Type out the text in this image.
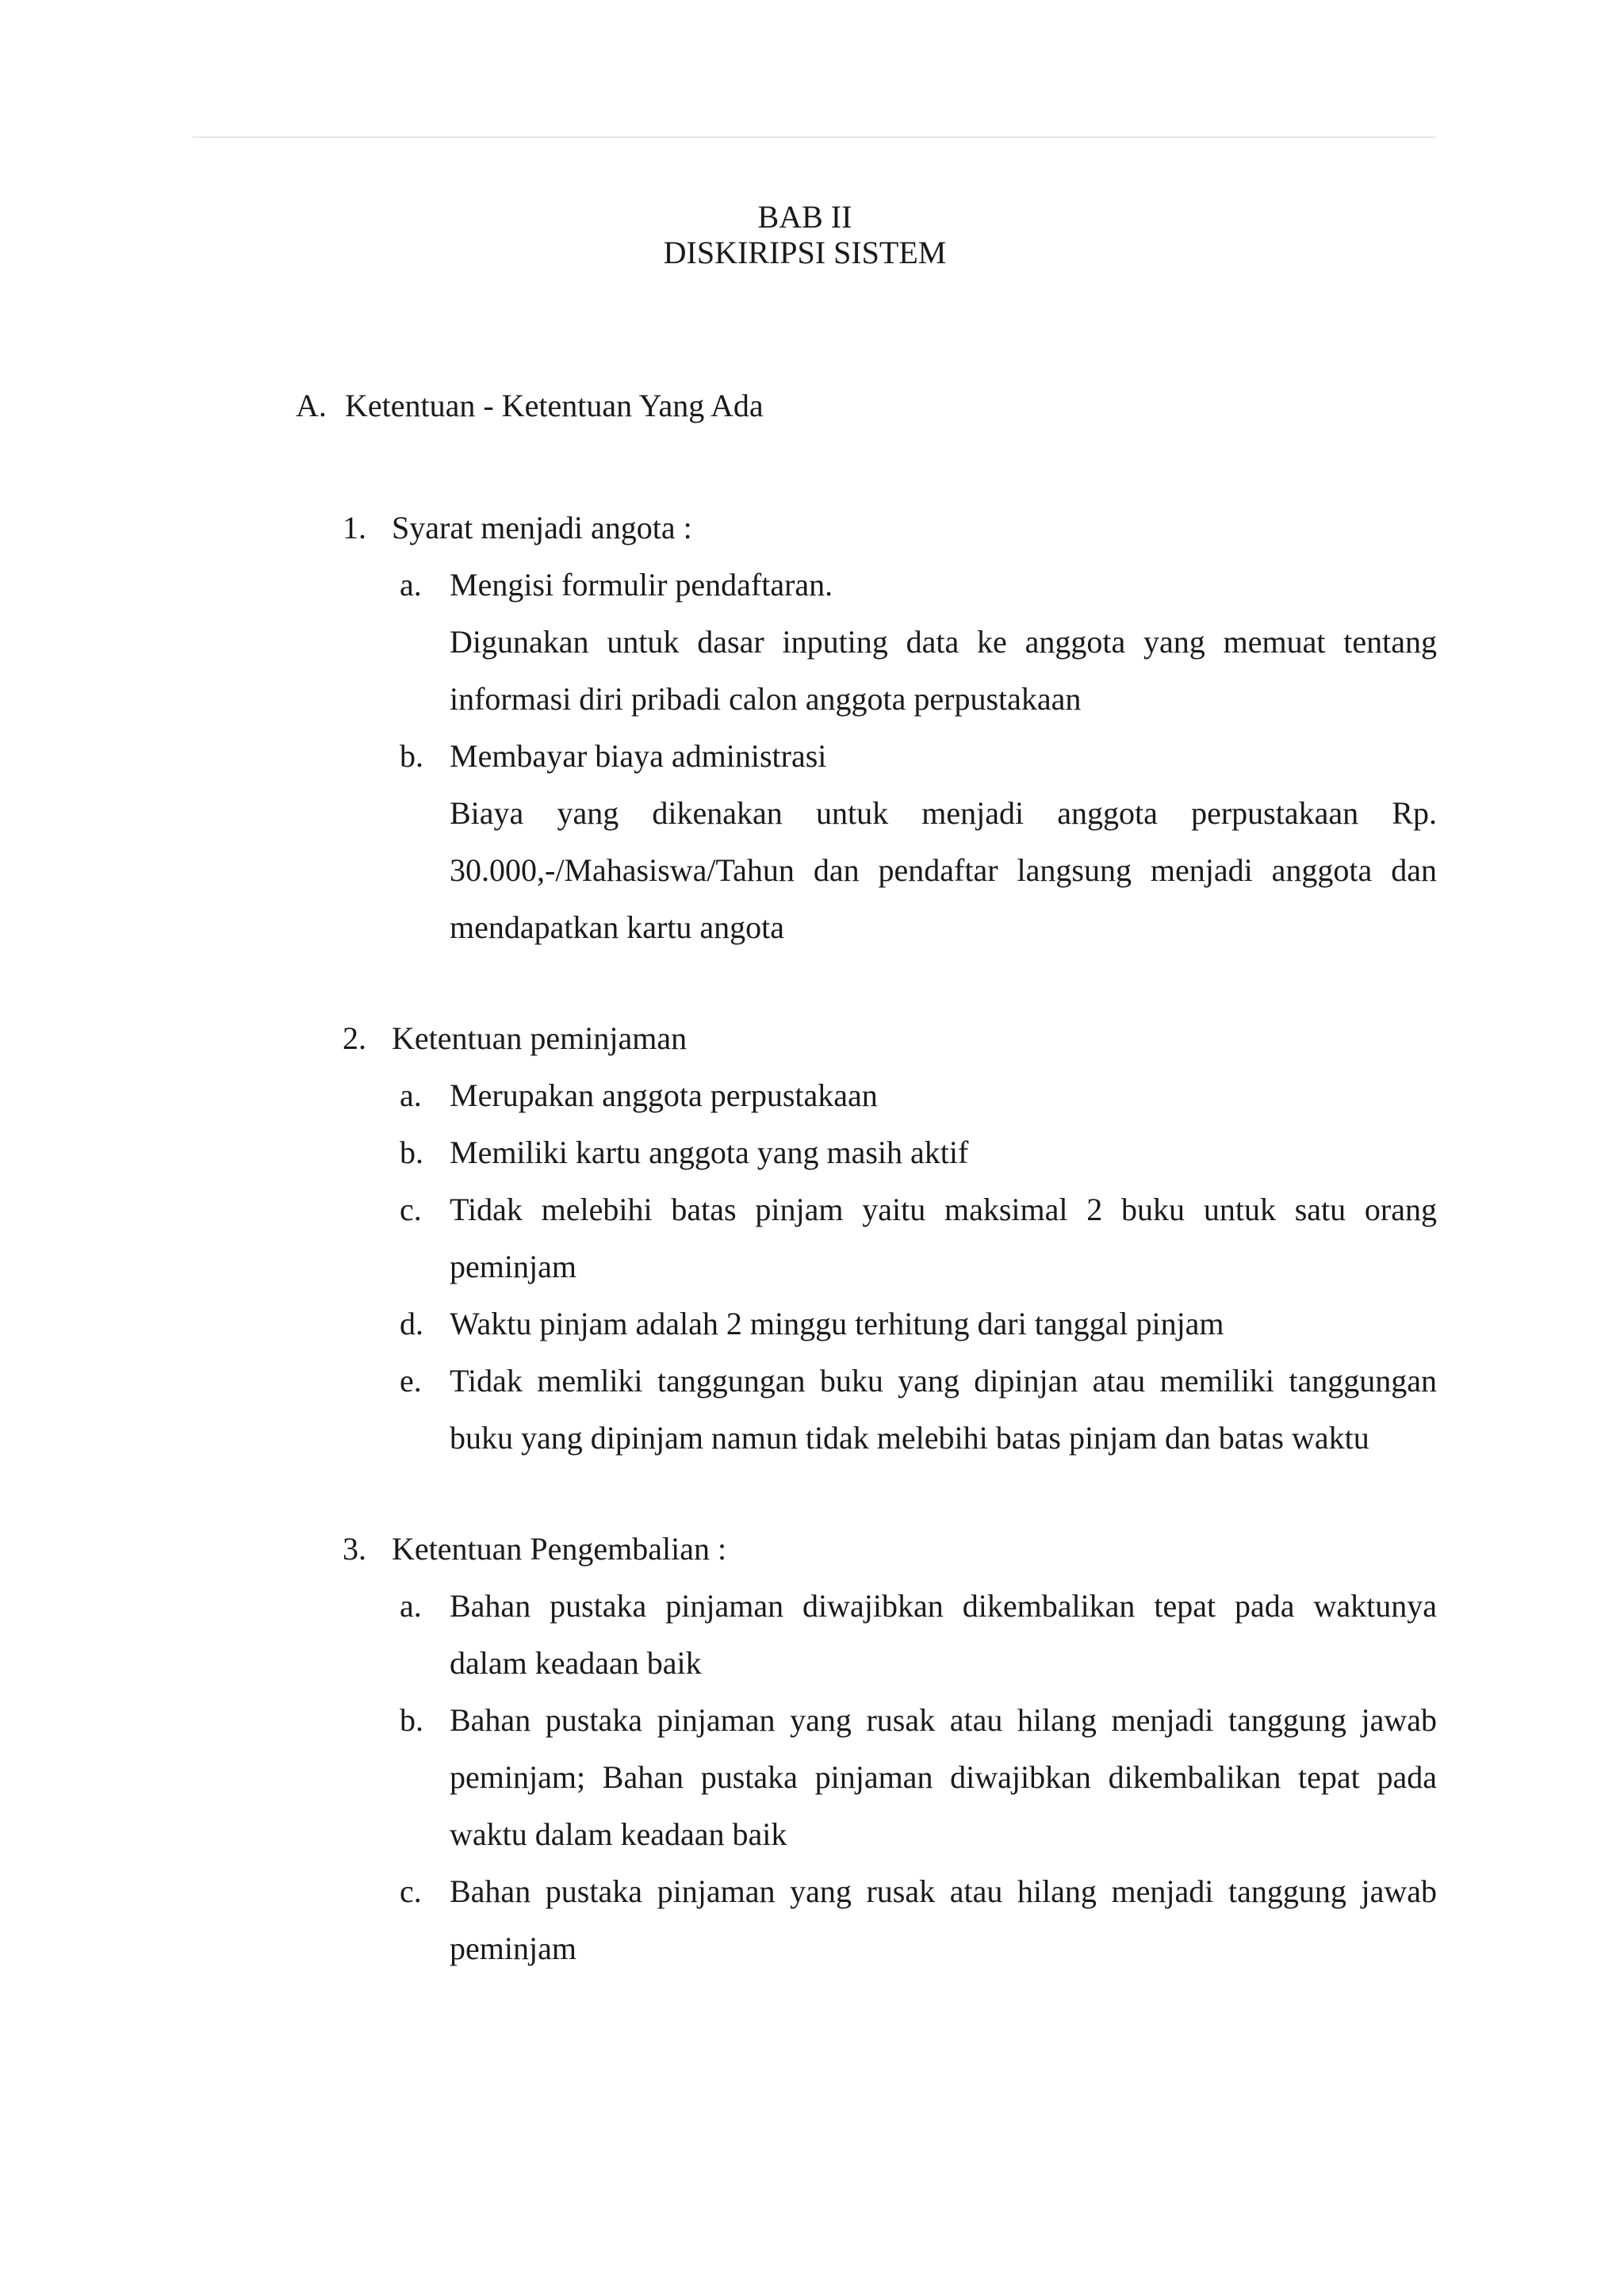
BAB II
DISKIRIPSI SISTEM
A. Ketentuan - Ketentuan Yang Ada
1. Syarat menjadi angota :
a. Mengisi formulir pendaftaran.
Digunakan untuk dasar inputing data ke anggota yang memuat tentang informasi diri pribadi calon anggota perpustakaan
b. Membayar biaya administrasi
Biaya yang dikenakan untuk menjadi anggota perpustakaan Rp. 30.000,-/Mahasiswa/Tahun dan pendaftar langsung menjadi anggota dan mendapatkan kartu angota
2. Ketentuan peminjaman
a. Merupakan anggota perpustakaan
b. Memiliki kartu anggota yang masih aktif
c. Tidak melebihi batas pinjam yaitu maksimal 2 buku untuk satu orang peminjam
d. Waktu pinjam adalah 2 minggu terhitung dari tanggal pinjam
e. Tidak memliki tanggungan buku yang dipinjan atau memiliki tanggungan buku yang dipinjam namun tidak melebihi batas pinjam dan batas waktu
3. Ketentuan Pengembalian :
a. Bahan pustaka pinjaman diwajibkan dikembalikan tepat pada waktunya dalam keadaan baik
b. Bahan pustaka pinjaman yang rusak atau hilang menjadi tanggung jawab peminjam; Bahan pustaka pinjaman diwajibkan dikembalikan tepat pada waktu dalam keadaan baik
c. Bahan pustaka pinjaman yang rusak atau hilang menjadi tanggung jawab peminjam
